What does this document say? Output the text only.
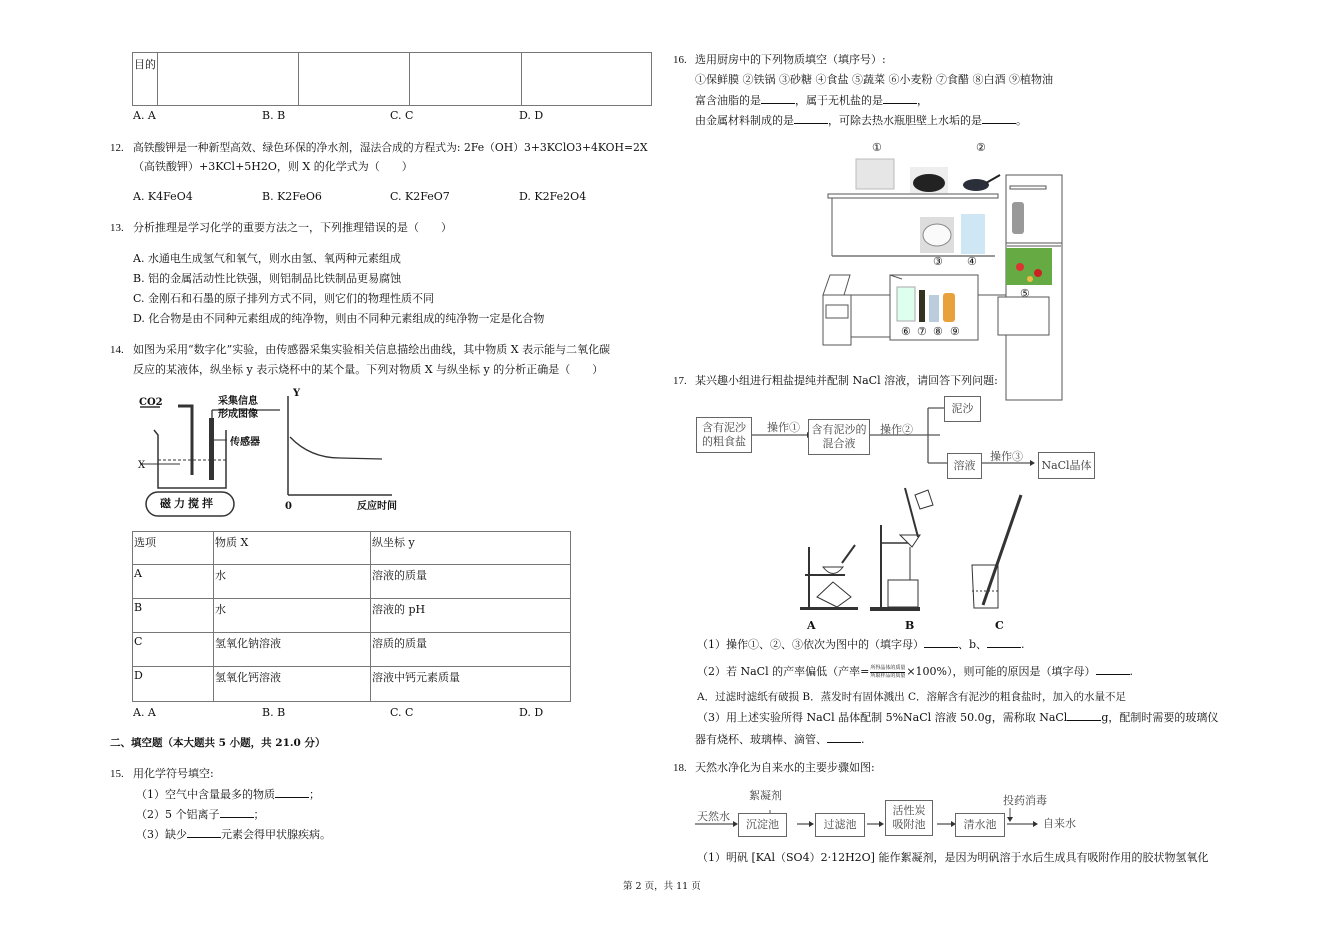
目的				
A. A	B. B	C. C	D. D
12. 高铁酸钾是一种新型高效、绿色环保的净水剂，湿法合成的方程式为: 2Fe（OH）3+3KClO3+4KOH=2X
（高铁酸钾）+3KCl+5H2O，则 X 的化学式为（　　）
A. K4FeO4	B. K2FeO6	C. K2FeO7	D. K2Fe2O4
13. 分析推理是学习化学的重要方法之一，下列推理错误的是（　　）
A. 水通电生成氢气和氧气，则水由氢、氧两种元素组成
B. 铝的金属活动性比铁强，则铝制品比铁制品更易腐蚀
C. 金刚石和石墨的原子排列方式不同，则它们的物理性质不同
D. 化合物是由不同种元素组成的纯净物，则由不同种元素组成的纯净物一定是化合物
14. 如图为采用“数字化”实验，由传感器采集实验相关信息描绘出曲线，其中物质 X 表示能与二氧化碳
反应的某液体，纵坐标 y 表示烧杯中的某个量。下列对物质 X 与纵坐标 y 的分析正确是（　　）
CO2	采集信息
形成图像
传感器
X
磁力搅拌
Y
0	反应时间
选项	物质 X	纵坐标 y
A	水	溶液的质量
B	水	溶液的 pH
C	氢氧化钠溶液	溶质的质量
D	氢氧化钙溶液	溶液中钙元素质量
A. A	B. B	C. C	D. D
二、填空题（本大题共 5 小题，共 21.0 分）
15. 用化学符号填空:
（1）空气中含量最多的物质	；
（2）5 个铝离子	；
（3）缺少	元素会得甲状腺疾病。
16. 选用厨房中的下列物质填空（填序号）:
①保鲜膜 ②铁锅 ③砂糖 ④食盐 ⑤蔬菜 ⑥小麦粉 ⑦食醋 ⑧白酒 ⑨植物油
富含油脂的是	，属于无机盐的是	，
由金属材料制成的是	，可除去热水瓶胆壁上水垢的是	。
①	②
③ ④
⑤
⑥ ⑦ ⑧ ⑨
17. 某兴趣小组进行粗盐提纯并配制 NaCl 溶液，请回答下列问题:
含有泥沙的粗食盐
操作①	含有泥沙的混合液
操作②
泥沙
溶液
操作③
NaCl晶体
A	B	C
（1）操作①、②、③依次为图中的（填字母）	、b、	.
（2）若 NaCl 的产率偏低（产率= 所得晶体的质量
所取样品的质量 ×100%），则可能的原因是（填字母）	.
A．过滤时滤纸有破损 B．蒸发时有固体溅出 C．溶解含有泥沙的粗食盐时，加入的水量不足
（3）用上述实验所得 NaCl 晶体配制 5%NaCl 溶液 50.0g，需称取 NaCl	g，配制时需要的玻璃仪
器有烧杯、玻璃棒、滴管、	.
18. 天然水净化为自来水的主要步骤如图:
天然水
絮凝剂
沉淀池	过滤池
活性炭
吸附池	清水池
投药消毒
自来水
（1）明矾 [KAl（SO4）2·12H2O] 能作絮凝剂，是因为明矾溶于水后生成具有吸附作用的胶状物氢氧化
第 2 页，共 11 页
